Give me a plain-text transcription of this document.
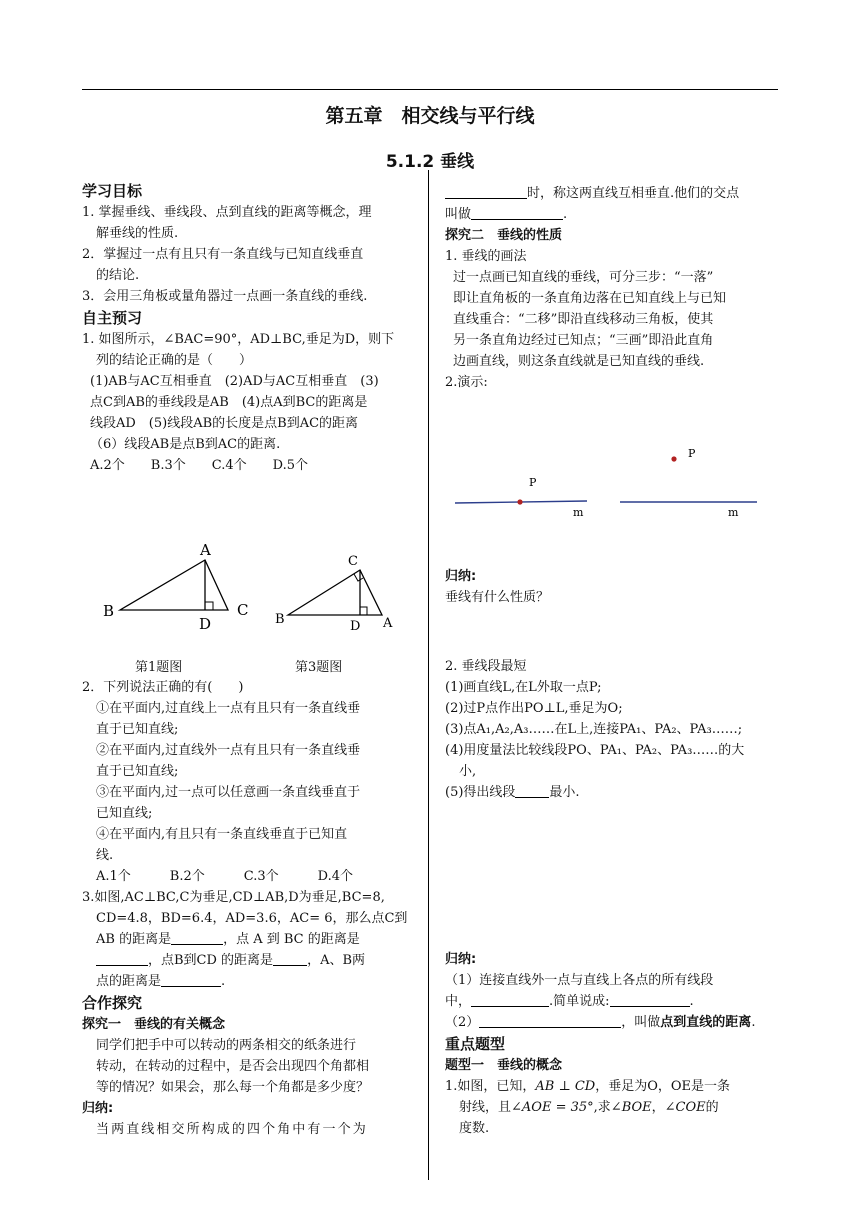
第五章　相交线与平行线
5.1.2 垂线
学习目标
1. 掌握垂线、垂线段、点到直线的距离等概念，理
解垂线的性质.
2．掌握过一点有且只有一条直线与已知直线垂直
的结论.
3．会用三角板或量角器过一点画一条直线的垂线.
自主预习
1. 如图所示，∠BAC=90°，AD⊥BC,垂足为D，则下
列的结论正确的是（　　）
(1)AB与AC互相垂直　(2)AD与AC互相垂直　(3)
点C到AB的垂线段是AB　(4)点A到BC的距离是
线段AD　(5)线段AB的长度是点B到AC的距离
（6）线段AB是点B到AC的距离.
A.2个　　B.3个　　C.4个　　D.5个
A
B
D
C
C
B	D A
第1题图	第3题图
2．下列说法正确的有(　　)
①在平面内,过直线上一点有且只有一条直线垂
直于已知直线;
②在平面内,过直线外一点有且只有一条直线垂
直于已知直线;
③在平面内,过一点可以任意画一条直线垂直于
已知直线;
④在平面内,有且只有一条直线垂直于已知直
线.
A.1个　　　B.2个　　　C.3个　　　D.4个
3.如图,AC⊥BC,C为垂足,CD⊥AB,D为垂足,BC=8,
CD=4.8，BD=6.4，AD=3.6，AC= 6，那么点C到
AB 的距离是	，点 A 到 BC 的距离是
，点B到CD 的距离是	，A、B两
点的距离是	.
合作探究
探究一　垂线的有关概念
同学们把手中可以转动的两条相交的纸条进行
转动，在转动的过程中，是否会出现四个角都相
等的情况？如果会，那么每一个角都是多少度？
归纳:
当两直线相交所构成的四个角中有一个为
时，称这两直线互相垂直.他们的交点
叫做	.
探究二　垂线的性质
1. 垂线的画法
过一点画已知直线的垂线，可分三步：“一落”
即让直角板的一条直角边落在已知直线上与已知
直线重合：“二移”即沿直线移动三角板，使其
另一条直角边经过已知点；“三画”即沿此直角
边画直线，则这条直线就是已知直线的垂线.
2.演示:
P
m
P
m
归纳:
垂线有什么性质？
2. 垂线段最短
(1)画直线L,在L外取一点P;
(2)过P点作出PO⊥L,垂足为O;
(3)点A₁,A₂,A₃……在L上,连接PA₁、PA₂、PA₃……;
(4)用度量法比较线段PO、PA₁、PA₂、PA₃……的大
小,
(5)得出线段	最小.
归纳:
（1）连接直线外一点与直线上各点的所有线段
中，	.简单说成:	.
（2）	，叫做点到直线的距离.
重点题型
题型一　垂线的概念
1.如图，已知，AB ⊥ CD，垂足为O，OE是一条
射线，且∠AOE = 35°,求∠BOE，∠COE的
度数.
